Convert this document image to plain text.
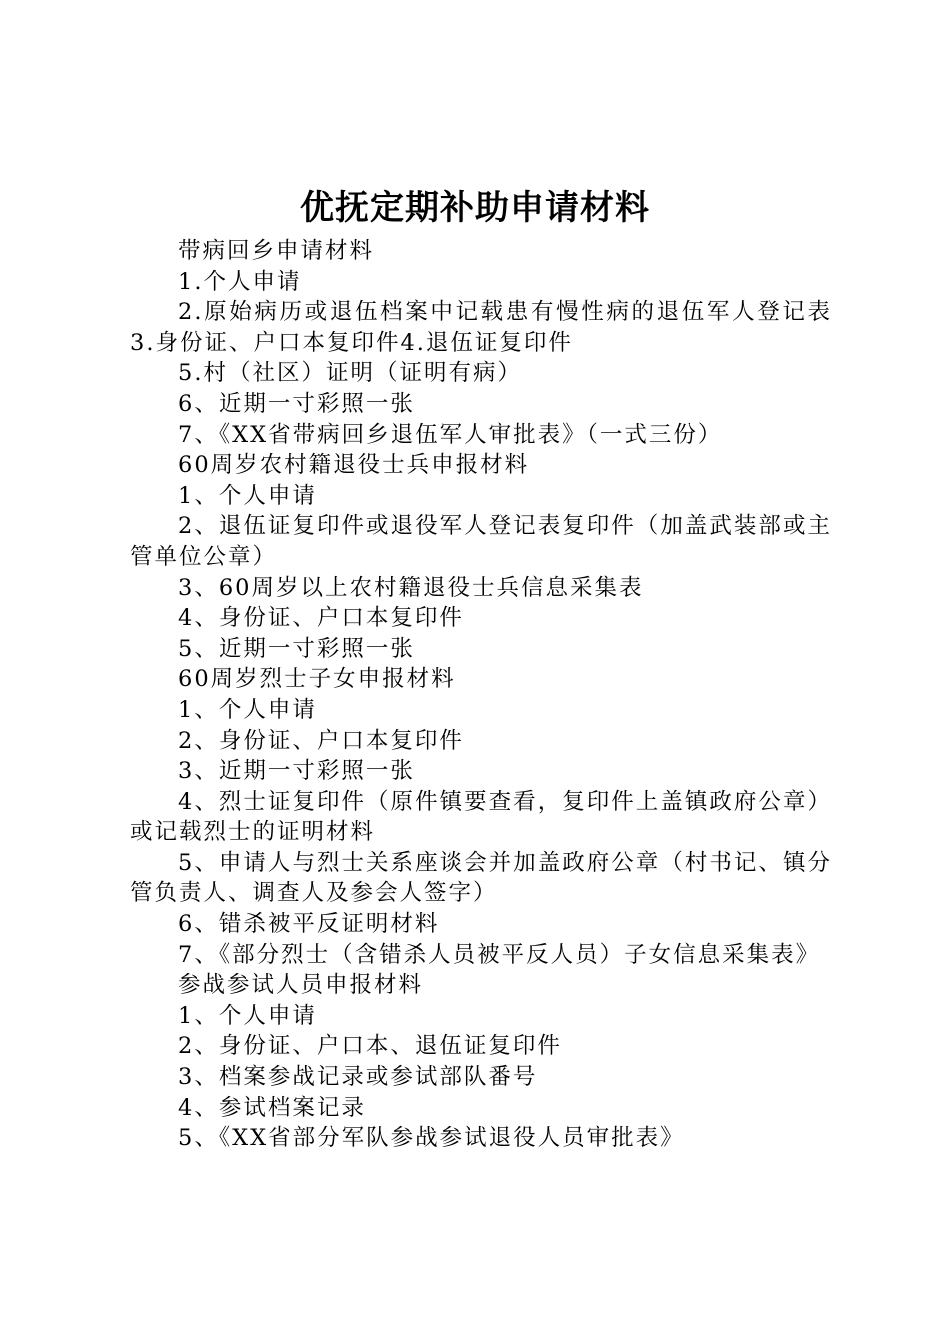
优抚定期补助申请材料

带病回乡申请材料

1.个人申请

2.原始病历或退伍档案中记载患有慢性病的退伍军人登记表3.身份证、户口本复印件4.退伍证复印件

5.村（社区）证明（证明有病）

6、近期一寸彩照一张

7、《XX省带病回乡退伍军人审批表》（一式三份）

60周岁农村籍退役士兵申报材料

1、个人申请

2、退伍证复印件或退役军人登记表复印件（加盖武装部或主管单位公章）

3、60周岁以上农村籍退役士兵信息采集表

4、身份证、户口本复印件

5、近期一寸彩照一张

60周岁烈士子女申报材料

1、个人申请

2、身份证、户口本复印件

3、近期一寸彩照一张

4、烈士证复印件（原件镇要查看，复印件上盖镇政府公章）或记载烈士的证明材料

5、申请人与烈士关系座谈会并加盖政府公章（村书记、镇分管负责人、调查人及参会人签字）

6、错杀被平反证明材料

7、《部分烈士（含错杀人员被平反人员）子女信息采集表》

参战参试人员申报材料

1、个人申请

2、身份证、户口本、退伍证复印件

3、档案参战记录或参试部队番号

4、参试档案记录

5、《XX省部分军队参战参试退役人员审批表》
